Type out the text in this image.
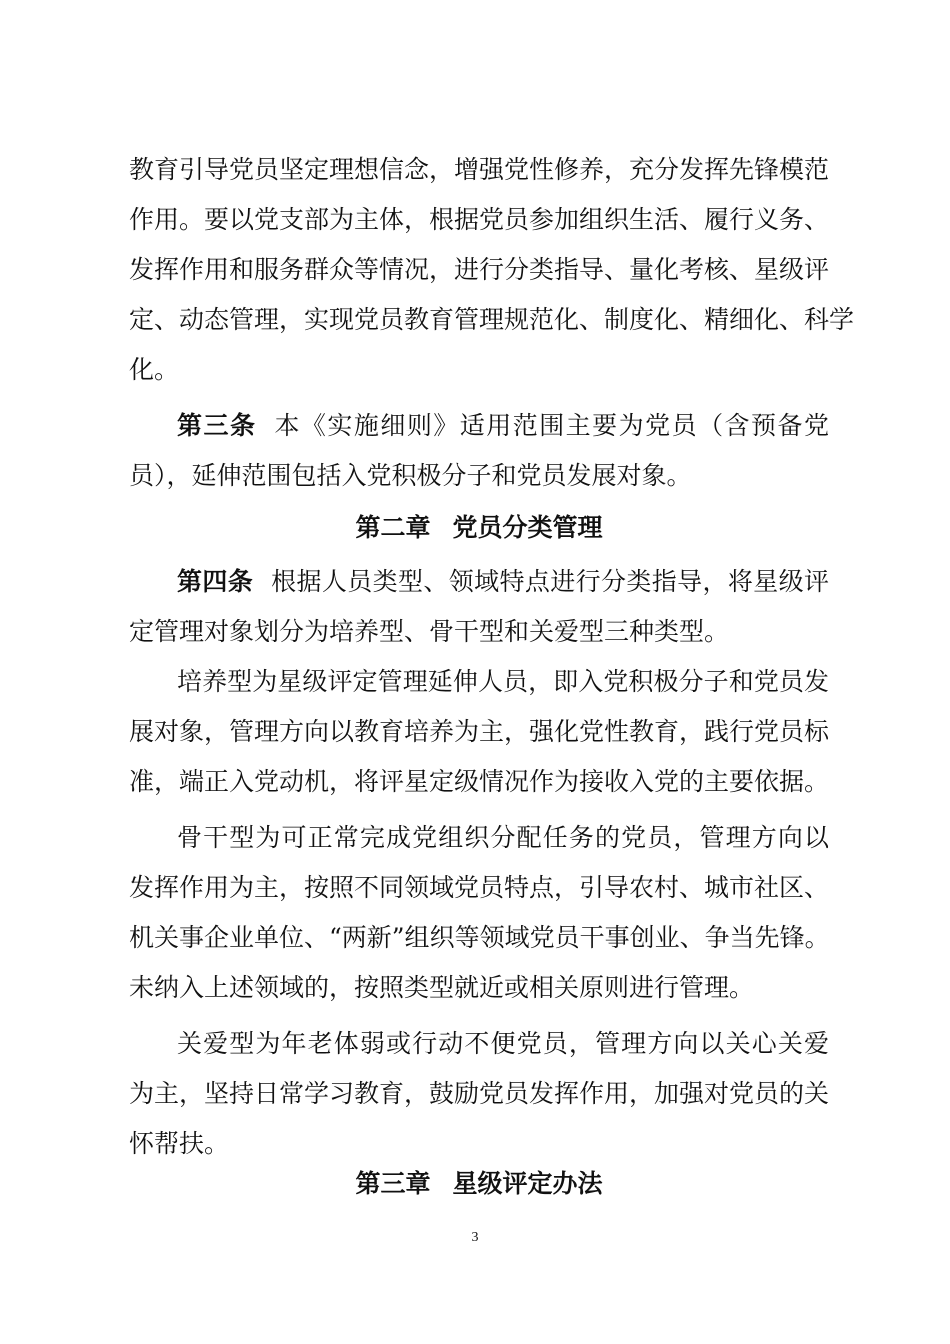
教育引导党员坚定理想信念，增强党性修养，充分发挥先锋模范
作用。要以党支部为主体，根据党员参加组织生活、履行义务、
发挥作用和服务群众等情况，进行分类指导、量化考核、星级评
定、动态管理，实现党员教育管理规范化、制度化、精细化、科学
化。
第三条 本《实施细则》适用范围主要为党员（含预备党
员），延伸范围包括入党积极分子和党员发展对象。
第二章 党员分类管理
第四条 根据人员类型、领域特点进行分类指导，将星级评
定管理对象划分为培养型、骨干型和关爱型三种类型。
培养型为星级评定管理延伸人员，即入党积极分子和党员发
展对象，管理方向以教育培养为主，强化党性教育，践行党员标
准，端正入党动机，将评星定级情况作为接收入党的主要依据。
骨干型为可正常完成党组织分配任务的党员，管理方向以
发挥作用为主，按照不同领域党员特点，引导农村、城市社区、
机关事企业单位、“两新”组织等领域党员干事创业、争当先锋。
未纳入上述领域的，按照类型就近或相关原则进行管理。
关爱型为年老体弱或行动不便党员，管理方向以关心关爱
为主，坚持日常学习教育，鼓励党员发挥作用，加强对党员的关
怀帮扶。
第三章 星级评定办法
3
